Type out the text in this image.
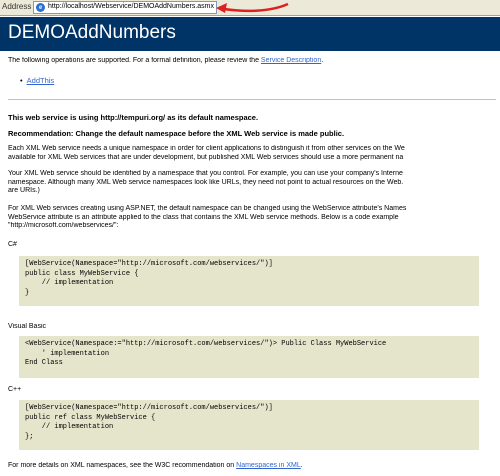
Address	e http://localhost/Webservice/DEMOAddNumbers.asmx
DEMOAddNumbers

The following operations are supported. For a formal definition, please review the Service Description.

• AddThis

This web service is using http://tempuri.org/ as its default namespace.

Recommendation: Change the default namespace before the XML Web service is made public.

Each XML Web service needs a unique namespace in order for client applications to distinguish it from other services on the We

available for XML Web services that are under development, but published XML Web services should use a more permanent na

Your XML Web service should be identified by a namespace that you control. For example, you can use your company's Interne

namespace. Although many XML Web service namespaces look like URLs, they need not point to actual resources on the Web.

are URIs.)

For XML Web services creating using ASP.NET, the default namespace can be changed using the WebService attribute's Names

WebService attribute is an attribute applied to the class that contains the XML Web service methods. Below is a code example

"http://microsoft.com/webservices/":

C#

[WebService(Namespace="http://microsoft.com/webservices/")]
public class MyWebService {
// implementation
}

Visual Basic

<WebService(Namespace:="http://microsoft.com/webservices/")> Public Class MyWebService
' implementation
End Class

C++

[WebService(Namespace="http://microsoft.com/webservices/")]
public ref class MyWebService {
// implementation
};

For more details on XML namespaces, see the W3C recommendation on Namespaces in XML.
